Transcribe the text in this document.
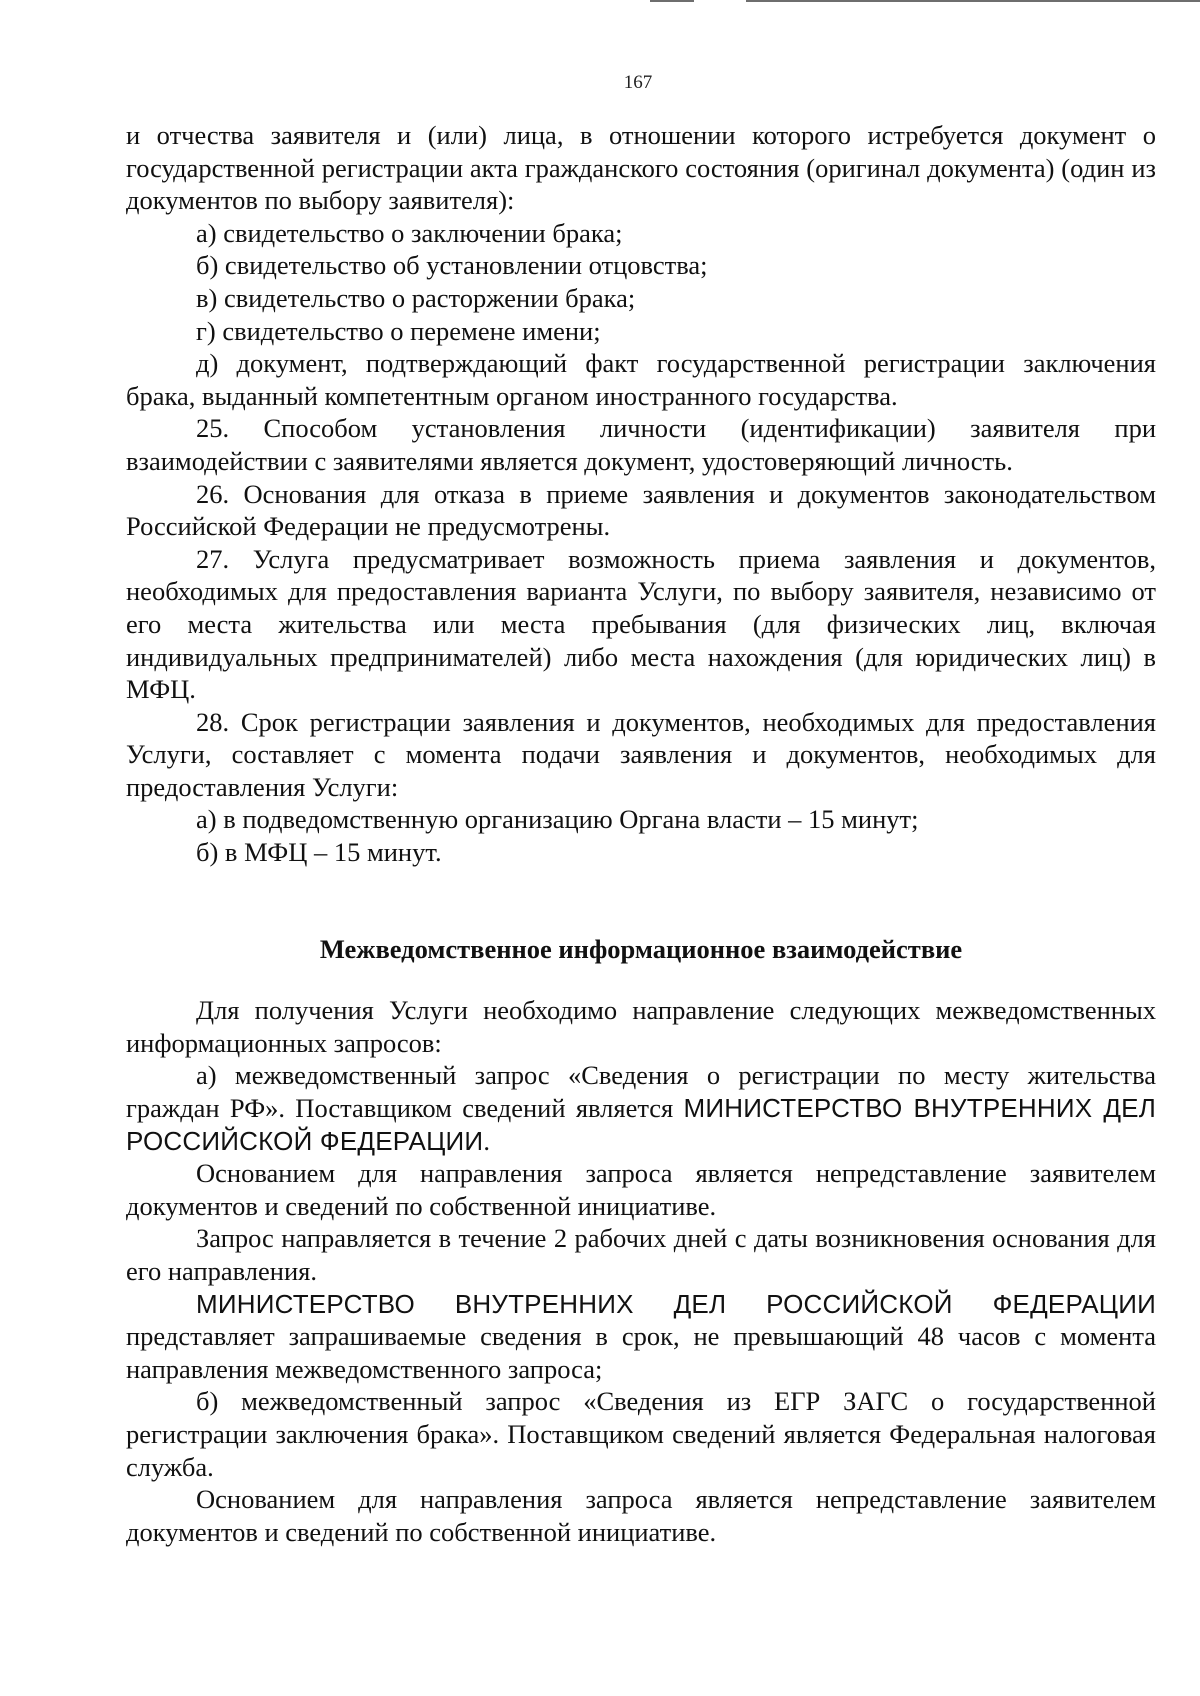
167

и отчества заявителя и (или) лица, в отношении которого истребуется документ о государственной регистрации акта гражданского состояния (оригинал документа) (один из документов по выбору заявителя):

а) свидетельство о заключении брака;

б) свидетельство об установлении отцовства;

в) свидетельство о расторжении брака;

г) свидетельство о перемене имени;

д) документ, подтверждающий факт государственной регистрации заключения брака, выданный компетентным органом иностранного государства.

25. Способом установления личности (идентификации) заявителя при взаимодействии с заявителями является документ, удостоверяющий личность.

26. Основания для отказа в приеме заявления и документов законодательством Российской Федерации не предусмотрены.

27. Услуга предусматривает возможность приема заявления и документов, необходимых для предоставления варианта Услуги, по выбору заявителя, независимо от его места жительства или места пребывания (для физических лиц, включая индивидуальных предпринимателей) либо места нахождения (для юридических лиц) в МФЦ.

28. Срок регистрации заявления и документов, необходимых для предоставления Услуги, составляет с момента подачи заявления и документов, необходимых для предоставления Услуги:

а) в подведомственную организацию Органа власти – 15 минут;

б) в МФЦ – 15 минут.

Межведомственное информационное взаимодействие

Для получения Услуги необходимо направление следующих межведомственных информационных запросов:

а) межведомственный запрос «Сведения о регистрации по месту жительства граждан РФ». Поставщиком сведений является МИНИСТЕРСТВО ВНУТРЕННИХ ДЕЛ РОССИЙСКОЙ ФЕДЕРАЦИИ.

Основанием для направления запроса является непредставление заявителем документов и сведений по собственной инициативе.

Запрос направляется в течение 2 рабочих дней с даты возникновения основания для его направления.

МИНИСТЕРСТВО ВНУТРЕННИХ ДЕЛ РОССИЙСКОЙ ФЕДЕРАЦИИ представляет запрашиваемые сведения в срок, не превышающий 48 часов с момента направления межведомственного запроса;

б) межведомственный запрос «Сведения из ЕГР ЗАГС о государственной регистрации заключения брака». Поставщиком сведений является Федеральная налоговая служба.

Основанием для направления запроса является непредставление заявителем документов и сведений по собственной инициативе.
